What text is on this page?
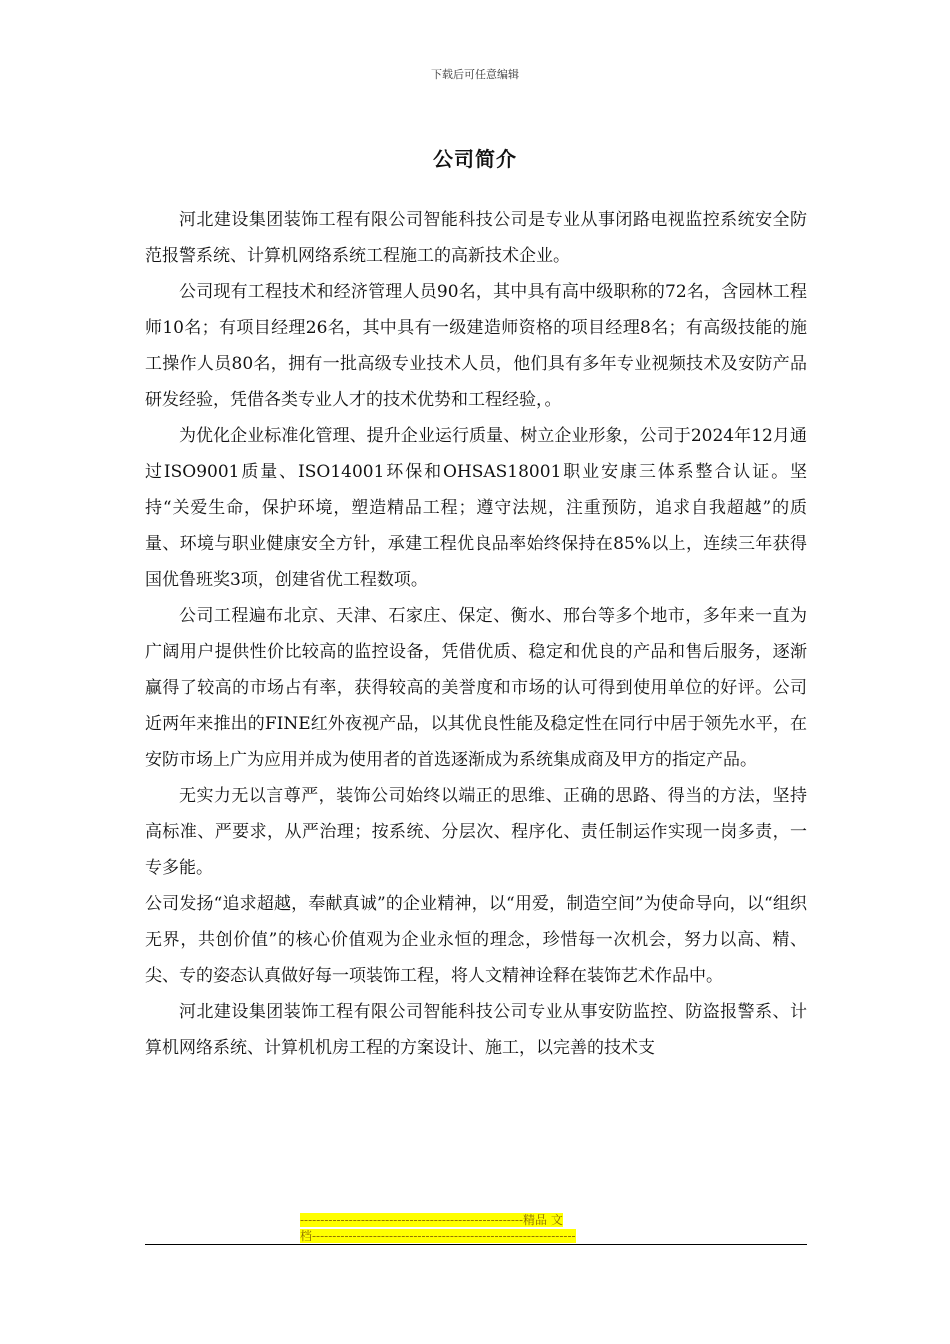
下载后可任意编辑
公司简介

河北建设集团装饰工程有限公司智能科技公司是专业从事闭路电视监控系统安全防范报警系统、计算机网络系统工程施工的高新技术企业。

公司现有工程技术和经济管理人员90名，其中具有高中级职称的72名，含园林工程师10名；有项目经理26名，其中具有一级建造师资格的项目经理8名；有高级技能的施工操作人员80名，拥有一批高级专业技术人员，他们具有多年专业视频技术及安防产品研发经验，凭借各类专业人才的技术优势和工程经验，。

为优化企业标准化管理、提升企业运行质量、树立企业形象，公司于2024年12月通过ISO9001质量、ISO14001环保和OHSAS18001职业安康三体系整合认证。坚持“关爱生命，保护环境，塑造精品工程；遵守法规，注重预防，追求自我超越”的质量、环境与职业健康安全方针，承建工程优良品率始终保持在85%以上，连续三年获得国优鲁班奖3项，创建省优工程数项。

公司工程遍布北京、天津、石家庄、保定、衡水、邢台等多个地市，多年来一直为广阔用户提供性价比较高的监控设备，凭借优质、稳定和优良的产品和售后服务，逐渐赢得了较高的市场占有率，获得较高的美誉度和市场的认可得到使用单位的好评。公司近两年来推出的FINE红外夜视产品，以其优良性能及稳定性在同行中居于领先水平，在安防市场上广为应用并成为使用者的首选逐渐成为系统集成商及甲方的指定产品。

无实力无以言尊严，装饰公司始终以端正的思维、正确的思路、得当的方法，坚持高标准、严要求，从严治理；按系统、分层次、程序化、责任制运作实现一岗多责，一专多能。

公司发扬“追求超越，奉献真诚”的企业精神，以“用爱，制造空间”为使命导向，以“组织无界，共创价值”的核心价值观为企业永恒的理念，珍惜每一次机会，努力以高、精、尖、专的姿态认真做好每一项装饰工程，将人文精神诠释在装饰艺术作品中。

河北建设集团装饰工程有限公司智能科技公司专业从事安防监控、防盗报警系、计算机网络系统、计算机机房工程的方案设计、施工，以完善的技术支

-------------------------------------------------------精品 文
档-----------------------------------------------------------------
